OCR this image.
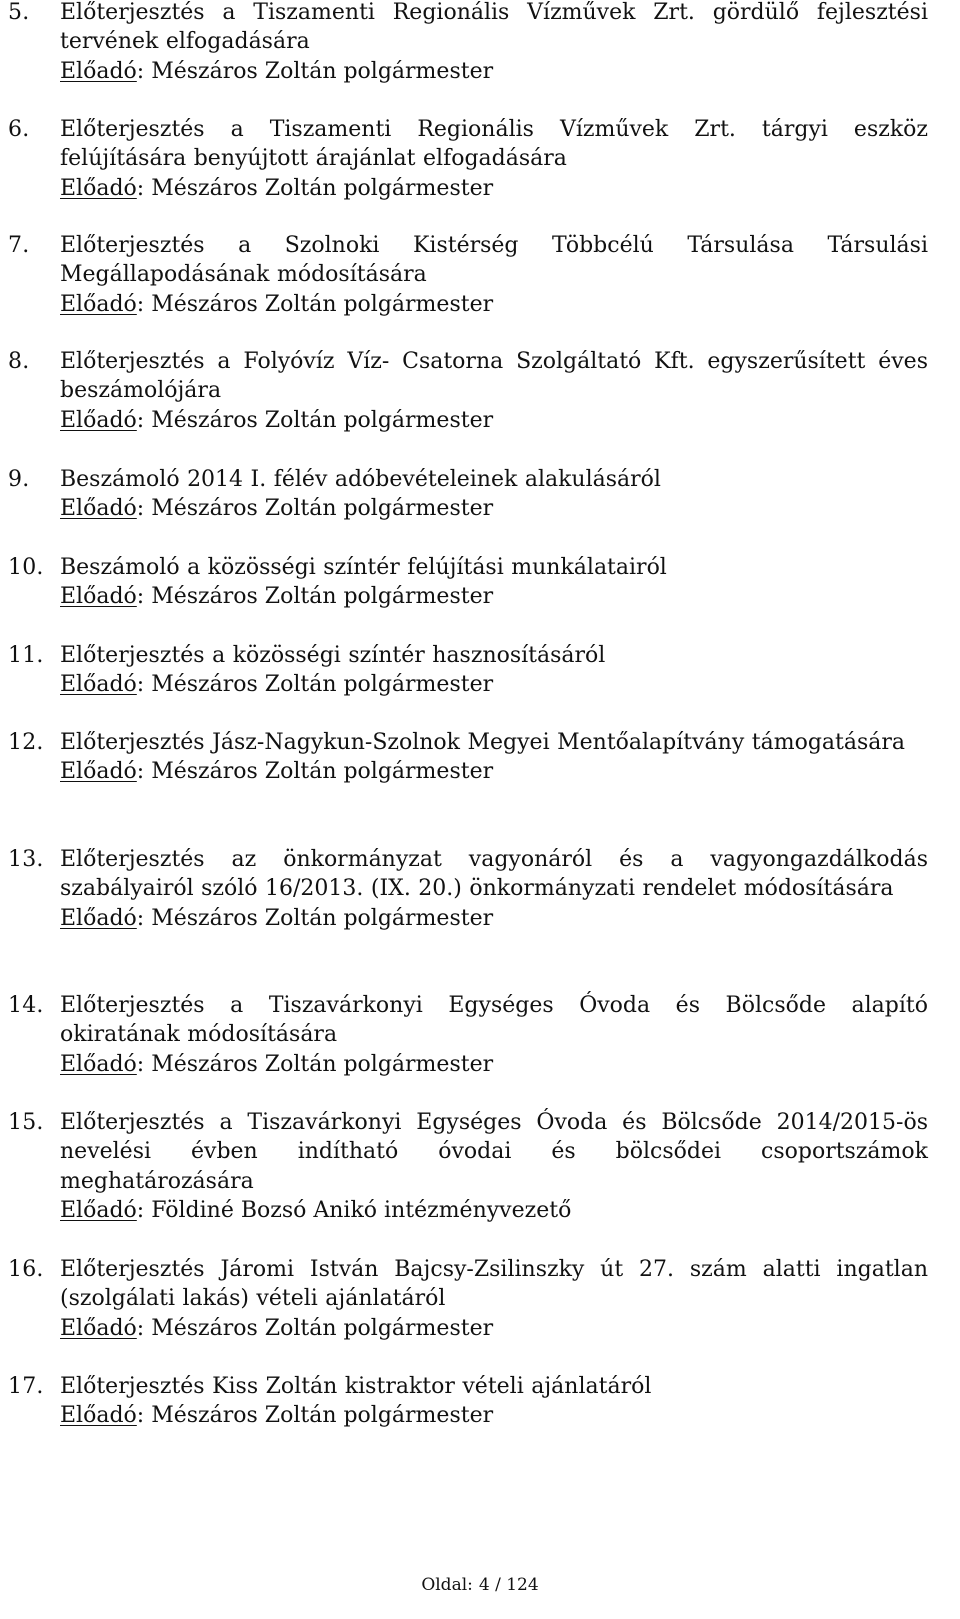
5. Előterjesztés a Tiszamenti Regionális Vízművek Zrt. gördülő fejlesztési tervének elfogadására

Előadó: Mészáros Zoltán polgármester

6. Előterjesztés a Tiszamenti Regionális Vízművek Zrt. tárgyi eszköz felújítására benyújtott árajánlat elfogadására

Előadó: Mészáros Zoltán polgármester

7. Előterjesztés a Szolnoki Kistérség Többcélú Társulása Társulási Megállapodásának módosítására

Előadó: Mészáros Zoltán polgármester

8. Előterjesztés a Folyóvíz Víz- Csatorna Szolgáltató Kft. egyszerűsített éves beszámolójára

Előadó: Mészáros Zoltán polgármester

9. Beszámoló 2014 I. félév adóbevételeinek alakulásáról

Előadó: Mészáros Zoltán polgármester

10. Beszámoló a közösségi színtér felújítási munkálatairól

Előadó: Mészáros Zoltán polgármester

11. Előterjesztés a közösségi színtér hasznosításáról

Előadó: Mészáros Zoltán polgármester

12. Előterjesztés Jász-Nagykun-Szolnok Megyei Mentőalapítvány támogatására

Előadó: Mészáros Zoltán polgármester

13. Előterjesztés az önkormányzat vagyonáról és a vagyongazdálkodás szabályairól szóló 16/2013. (IX. 20.) önkormányzati rendelet módosítására

Előadó: Mészáros Zoltán polgármester

14. Előterjesztés a Tiszavárkonyi Egységes Óvoda és Bölcsőde alapító okiratának módosítására

Előadó: Mészáros Zoltán polgármester

15. Előterjesztés a Tiszavárkonyi Egységes Óvoda és Bölcsőde 2014/2015-ös nevelési évben indítható óvodai és bölcsődei csoportszámok meghatározására

Előadó: Földiné Bozsó Anikó intézményvezető

16. Előterjesztés Járomi István Bajcsy-Zsilinszky út 27. szám alatti ingatlan (szolgálati lakás) vételi ajánlatáról

Előadó: Mészáros Zoltán polgármester

17. Előterjesztés Kiss Zoltán kistraktor vételi ajánlatáról

Előadó: Mészáros Zoltán polgármester

Oldal: 4 / 124
